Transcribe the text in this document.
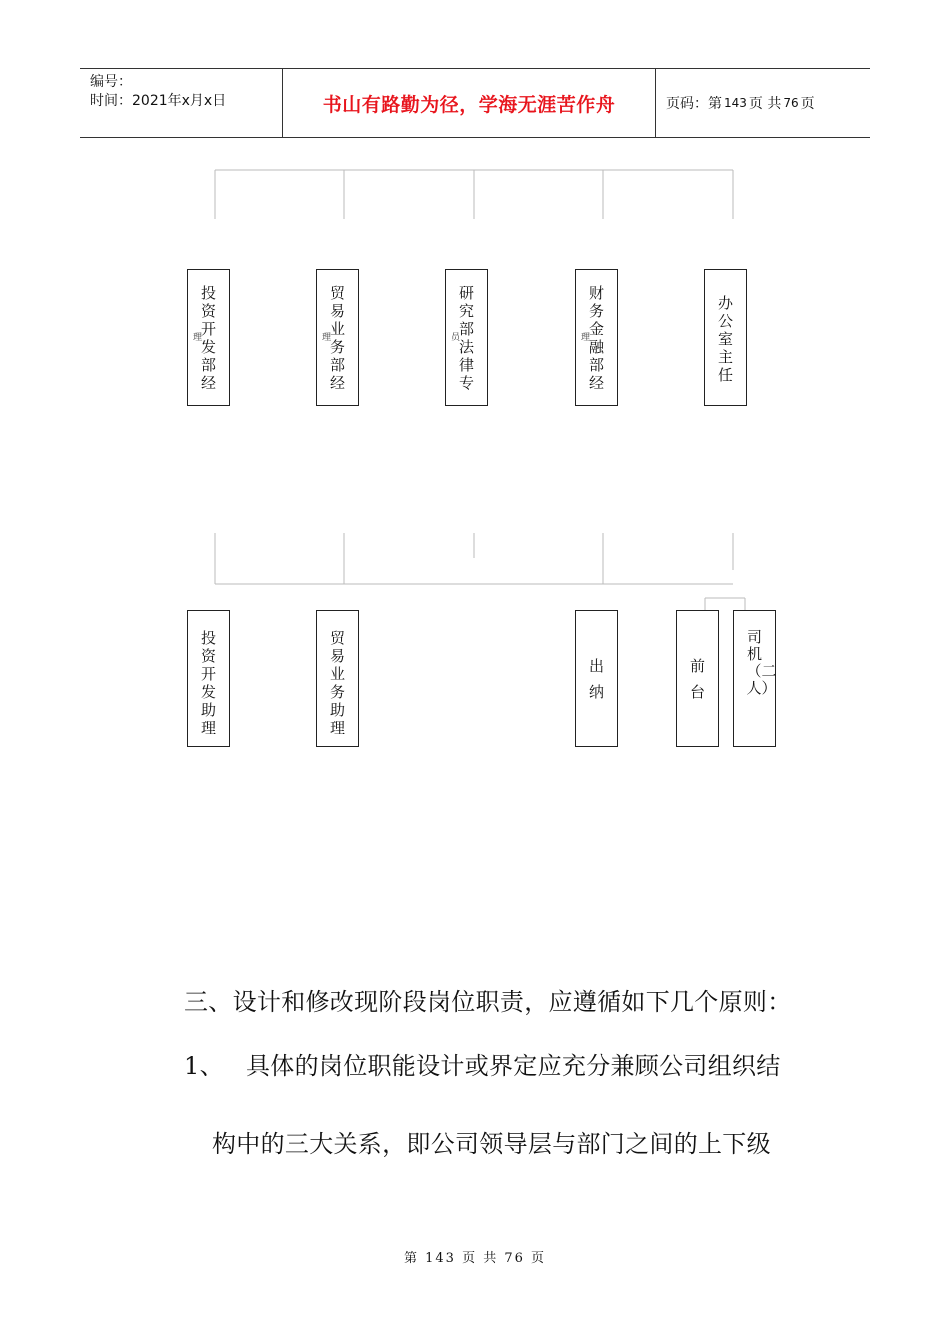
编号：
时间：2021年x月x日	书山有路勤为径，学海无涯苦作舟	页码：第 143 页 共 76 页
投资开发部经
理
贸易业务部经
理
研究部法律专
员
财务金融部经
理
办公室主任
投资开发助理
贸易业务助理
出纳
前台
司机（二人）
三、设计和修改现阶段岗位职责，应遵循如下几个原则：
1、 具体的岗位职能设计或界定应充分兼顾公司组织结
构中的三大关系，即公司领导层与部门之间的上下级
第 143 页 共 76 页
